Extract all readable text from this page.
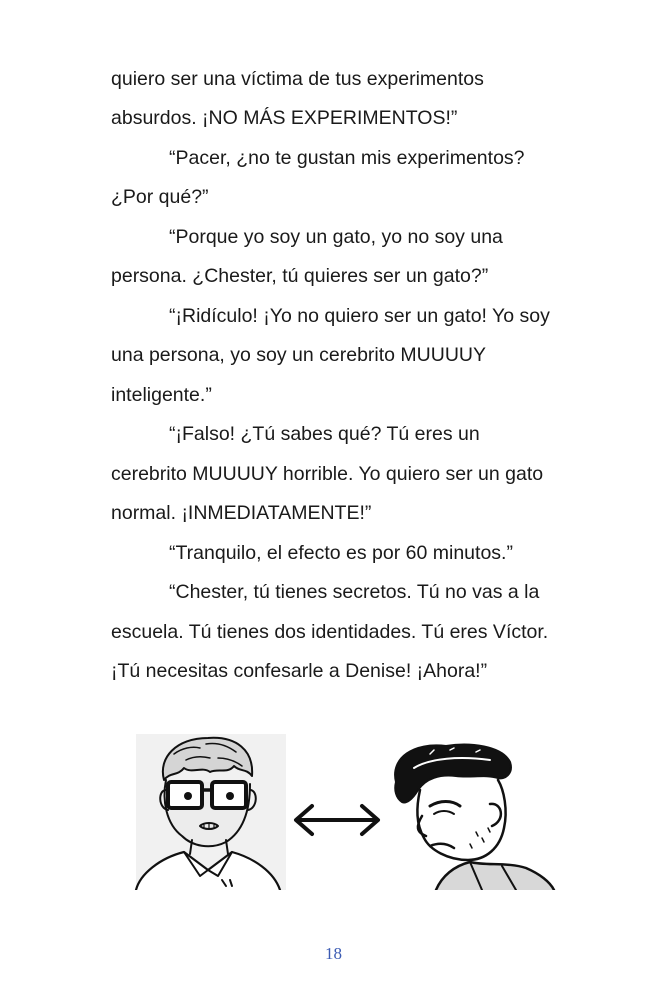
quiero ser una víctima de tus experimentos
absurdos. ¡NO MÁS EXPERIMENTOS!”
“Pacer, ¿no te gustan mis experimentos?
¿Por qué?”
“Porque yo soy un gato, yo no soy una
persona. ¿Chester, tú quieres ser un gato?”
“¡Ridículo! ¡Yo no quiero ser un gato! Yo soy
una persona, yo soy un cerebrito MUUUUY
inteligente.”
“¡Falso! ¿Tú sabes qué? Tú eres un
cerebrito MUUUUY horrible. Yo quiero ser un gato
normal. ¡INMEDIATAMENTE!”
“Tranquilo, el efecto es por 60 minutos.”
“Chester, tú tienes secretos. Tú no vas a la
escuela. Tú tienes dos identidades. Tú eres Víctor.
¡Tú necesitas confesarle a Denise! ¡Ahora!”
18
